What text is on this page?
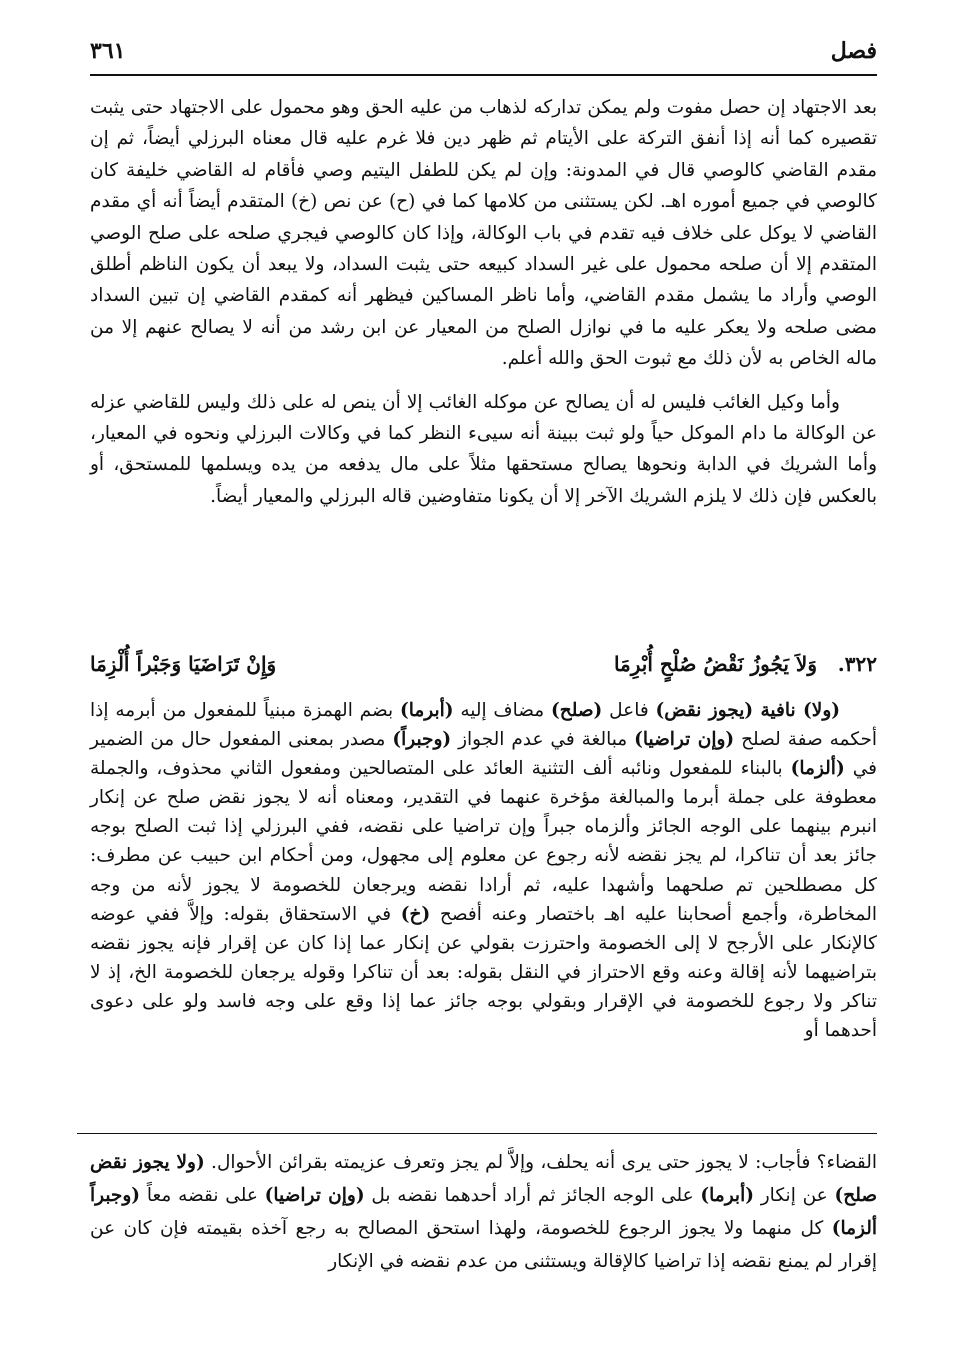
فصل
٣٦١

بعد الاجتهاد إن حصل مفوت ولم يمكن تداركه لذهاب من عليه الحق وهو محمول على الاجتهاد حتى يثبت تقصيره كما أنه إذا أنفق التركة على الأيتام ثم ظهر دين فلا غرم عليه قال معناه البرزلي أيضاً، ثم إن مقدم القاضي كالوصي قال في المدونة: وإن لم يكن للطفل اليتيم وصي فأقام له القاضي خليفة كان كالوصي في جميع أموره اهـ. لكن يستثنى من كلامها كما في (ح) عن نص (خ) المتقدم أيضاً أنه أي مقدم القاضي لا يوكل على خلاف فيه تقدم في باب الوكالة، وإذا كان كالوصي فيجري صلحه على صلح الوصي المتقدم إلا أن صلحه محمول على غير السداد كبيعه حتى يثبت السداد، ولا يبعد أن يكون الناظم أطلق الوصي وأراد ما يشمل مقدم القاضي، وأما ناظر المساكين فيظهر أنه كمقدم القاضي إن تبين السداد مضى صلحه ولا يعكر عليه ما في نوازل الصلح من المعيار عن ابن رشد من أنه لا يصالح عنهم إلا من ماله الخاص به لأن ذلك مع ثبوت الحق والله أعلم.

وأما وكيل الغائب فليس له أن يصالح عن موكله الغائب إلا أن ينص له على ذلك وليس للقاضي عزله عن الوكالة ما دام الموكل حياً ولو ثبت ببينة أنه سيىء النظر كما في وكالات البرزلي ونحوه في المعيار، وأما الشريك في الدابة ونحوها يصالح مستحقها مثلاً على مال يدفعه من يده ويسلمها للمستحق، أو بالعكس فإن ذلك لا يلزم الشريك الآخر إلا أن يكونا متفاوضين قاله البرزلي والمعيار أيضاً.

٣٢٢.
وَلاَ يَجُوزُ نَقْضُ صُلْحٍ أُبْرِمَا
وَإِنْ تَرَاضَيَا وَجَبْراً أُلْزِمَا

(ولا) نافية (يجوز نقض) فاعل (صلح) مضاف إليه (أبرما) بضم الهمزة مبنياً للمفعول من أبرمه إذا أحكمه صفة لصلح (وإن تراضيا) مبالغة في عدم الجواز (وجبراً) مصدر بمعنى المفعول حال من الضمير في (ألزما) بالبناء للمفعول ونائبه ألف التثنية العائد على المتصالحين ومفعول الثاني محذوف، والجملة معطوفة على جملة أبرما والمبالغة مؤخرة عنهما في التقدير، ومعناه أنه لا يجوز نقض صلح عن إنكار انبرم بينهما على الوجه الجائز وألزماه جبراً وإن تراضيا على نقضه، ففي البرزلي إذا ثبت الصلح بوجه جائز بعد أن تناكرا، لم يجز نقضه لأنه رجوع عن معلوم إلى مجهول، ومن أحكام ابن حبيب عن مطرف: كل مصطلحين تم صلحهما وأشهدا عليه، ثم أرادا نقضه ويرجعان للخصومة لا يجوز لأنه من وجه المخاطرة، وأجمع أصحابنا عليه اهـ باختصار وعنه أفصح (خ) في الاستحقاق بقوله: وإلاَّ ففي عوضه كالإنكار على الأرجح لا إلى الخصومة واحترزت بقولي عن إنكار عما إذا كان عن إقرار فإنه يجوز نقضه بتراضيهما لأنه إقالة وعنه وقع الاحتراز في النقل بقوله: بعد أن تناكرا وقوله يرجعان للخصومة الخ، إذ لا تناكر ولا رجوع للخصومة في الإقرار وبقولي بوجه جائز عما إذا وقع على وجه فاسد ولو على دعوى أحدهما أو

القضاء؟ فأجاب: لا يجوز حتى يرى أنه يحلف، وإلاَّ لم يجز وتعرف عزيمته بقرائن الأحوال. (ولا يجوز نقض صلح) عن إنكار (أبرما) على الوجه الجائز ثم أراد أحدهما نقضه بل (وإن تراضيا) على نقضه معاً (وجبراً ألزما) كل منهما ولا يجوز الرجوع للخصومة، ولهذا استحق المصالح به رجع آخذه بقيمته فإن كان عن إقرار لم يمنع نقضه إذا تراضيا كالإقالة ويستثنى من عدم نقضه في الإنكار
